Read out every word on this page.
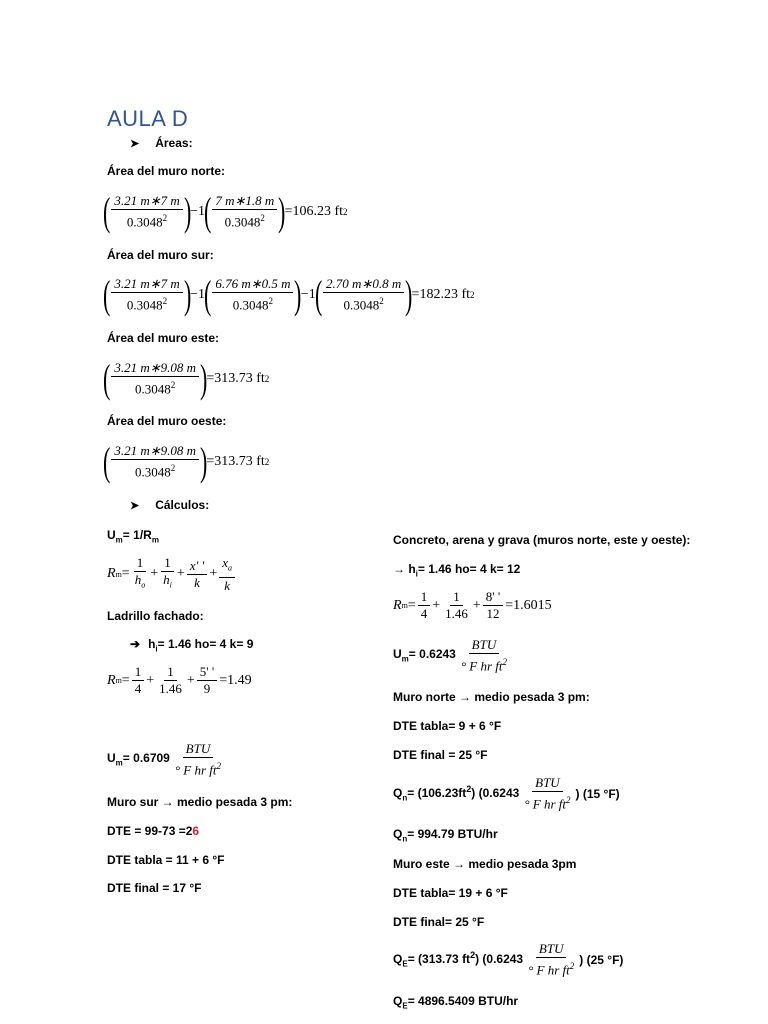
AULA D
➤ Áreas:
Área del muro norte:
( $\frac{3.21 m∗7 m}{0.3048^2}$ )
−1
( $\frac{7 m∗1.8 m}{0.3048^2}$ )
=106.23 ft 2
Área del muro sur:
( $\frac{3.21 m∗7 m}{0.3048^2}$ )
−1
( $\frac{6.76 m∗0.5 m}{0.3048^2}$ )
−1
( $\frac{2.70 m∗0.8 m}{0.3048^2}$ )
=182.23 ft 2
Área del muro este:
( $\frac{3.21 m∗9.08 m}{0.3048^2}$ )
=313.73 ft 2
Área del muro oeste:
( $\frac{3.21 m∗9.08 m}{0.3048^2}$ )
=313.73 ft 2
➤ Cálculos:
$U_m= 1/R_m$
R $m = \frac{1}{h_o} + \frac{1}{h_i} + \frac{x' '}{k} + \frac{x_a}{k}$
Ladrillo fachado:
➔ $h_i= 1.46$ ho= 4 k= 9
R $m = \frac{1}{4} + \frac{1}{1.46} + \frac{5' '}{9} =1.49$
$U_m= 0.6709 \frac{\text{BTU}}{^\circ F hr ft^2}$
Muro sur → medio pesada 3 pm:
DTE = 99-73 =26
DTE tabla = 11 + 6 °F
DTE final = 17 °F
Concreto, arena y grava (muros norte, este y oeste):
→ $h_i= 1.46$ ho= 4 k= 12
R $m = \frac{1}{4} + \frac{1}{1.46} + \frac{8' '}{12} =1.6015$
$U_m= 0.6243 \frac{\text{BTU}}{^\circ F hr ft^2}$
Muro norte → medio pesada 3 pm:
DTE tabla= 9 + 6 °F
DTE final = 25 °F
$Q_n= (106.23ft^2)$ ($0.6243 \frac{\text{BTU}}{^\circ F hr ft^2}$ ) (15 °F)
$Q_n= 994.79$ BTU/hr
Muro este → medio pesada 3pm
DTE tabla= 19 + 6 °F
DTE final= 25 °F
$Q_E= (313.73$ $ft^2$) ($0.6243 \frac{\text{BTU}}{^\circ F hr ft^2}$ ) (25 °F)
$Q_E= 4896.5409$ BTU/hr
